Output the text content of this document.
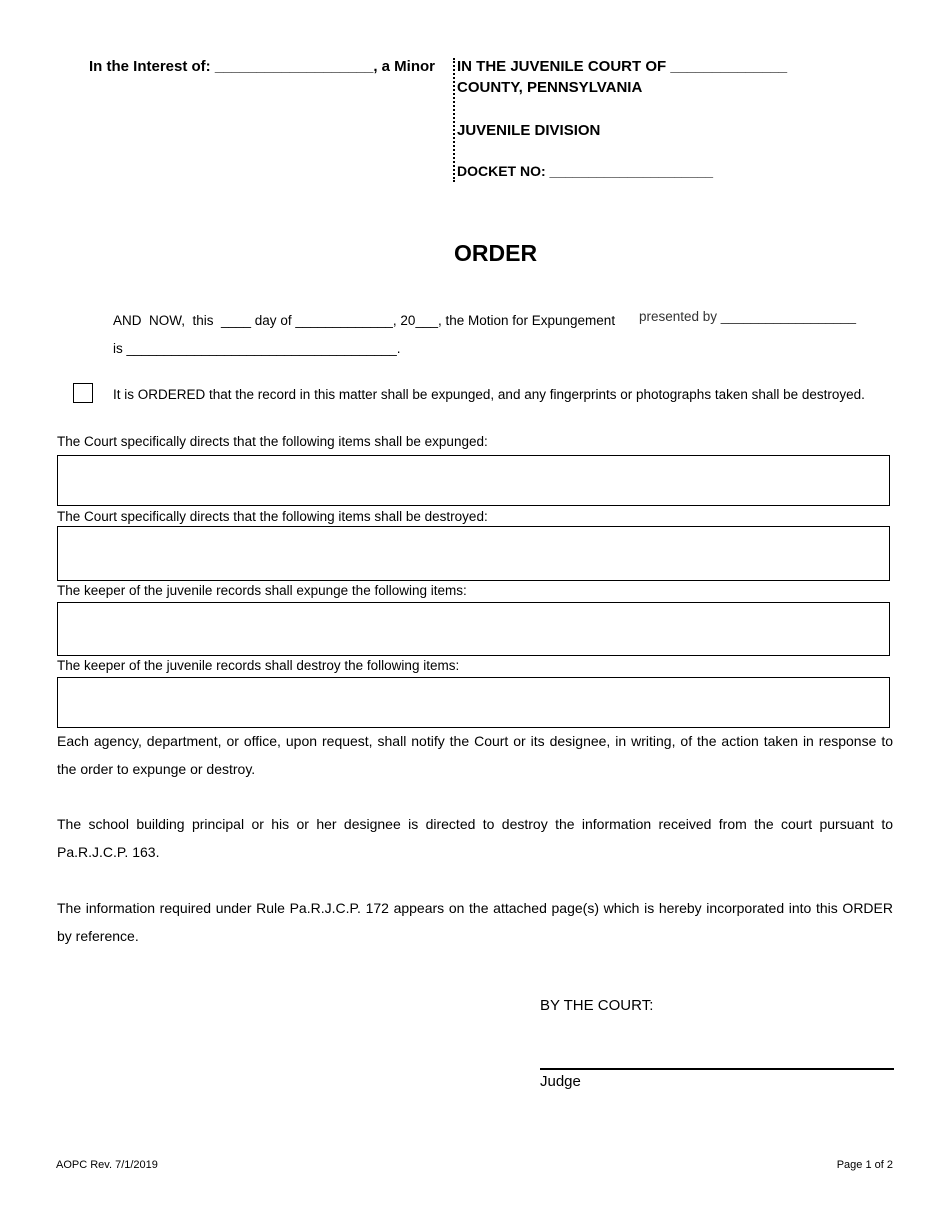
In the Interest of: ___________________, a Minor IN THE JUVENILE COURT OF ______________
COUNTY, PENNSYLVANIA
JUVENILE DIVISION
DOCKET NO: _____________________
ORDER
AND  NOW,  this  ____ day of _____________, 20___, the Motion for Expungement presented by __________________
is ____________________________________.
It is ORDERED that the record in this matter shall be expunged, and any fingerprints or photographs taken shall be destroyed.
The Court specifically directs that the following items shall be expunged:
The Court specifically directs that the following items shall be destroyed:
The keeper of the juvenile records shall expunge the following items:
The keeper of the juvenile records shall destroy the following items:
Each agency, department, or office, upon request, shall notify the Court or its designee, in writing, of the action taken in response to the order to expunge or destroy.
The school building principal or his or her designee is directed to destroy the information received from the court pursuant to Pa.R.J.C.P. 163.
The information required under Rule Pa.R.J.C.P. 172 appears on the attached page(s) which is hereby incorporated into this ORDER by reference.
BY THE COURT:
Judge
AOPC Rev. 7/1/2019	Page 1 of 2
